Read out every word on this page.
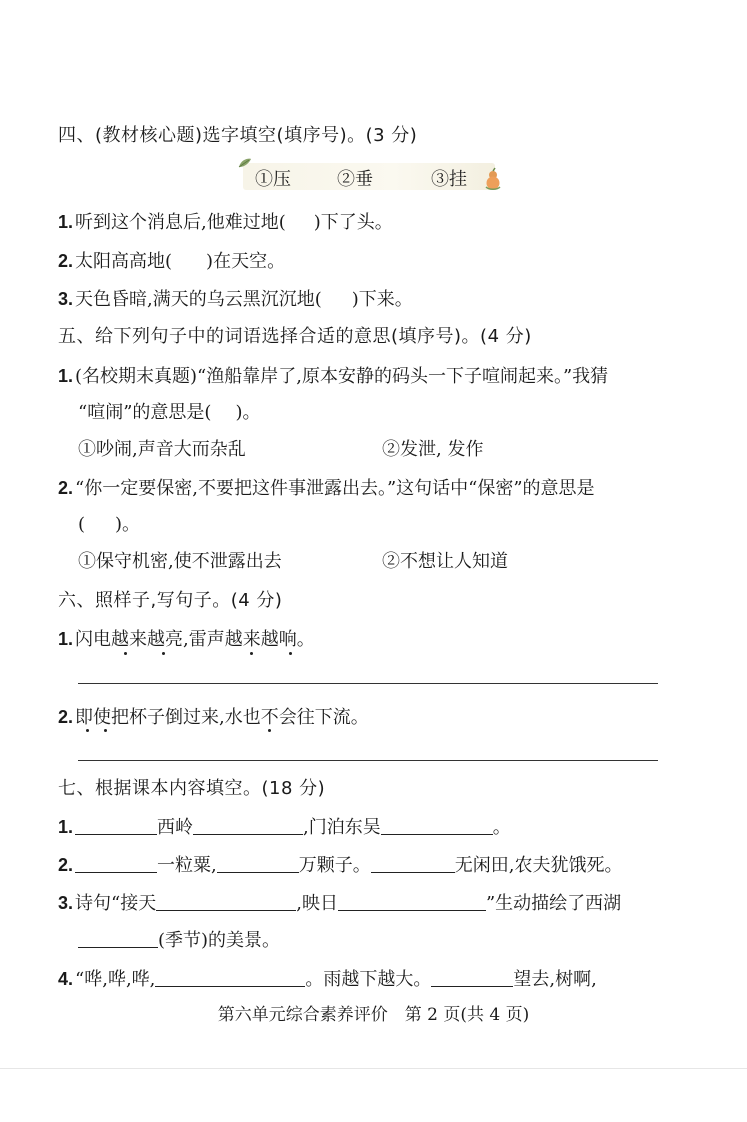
四、(教材核心题)选字填空(填序号)。(3 分)
①压	②垂	③挂
1. 听到这个消息后,他难过地( )下了头。
2. 太阳高高地( )在天空。
3. 天色昏暗,满天的乌云黑沉沉地( )下来。
五、给下列句子中的词语选择合适的意思(填序号)。(4 分)
1. (名校期末真题)“渔船靠岸了,原本安静的码头一下子喧闹起来。”我猜
“喧闹”的意思是( )。
①吵闹,声音大而杂乱	②发泄, 发作
2. “你一定要保密,不要把这件事泄露出去。”这句话中“保密”的意思是
( )。
①保守机密,使不泄露出去	②不想让人知道
六、照样子,写句子。(4 分)
1. 闪电越来越亮,雷声越来越响。
2. 即使把杯子倒过来,水也不会往下流。
七、根据课本内容填空。(18 分)
1.	西岭	,门泊东吴	。
2.	一粒粟,	万颗子。	无闲田,农夫犹饿死。
3. 诗句“接天	,映日	”生动描绘了西湖
(季节)的美景。
4. “哗,哗,哗,	。雨越下越大。	望去,树啊,
第六单元综合素养评价　第 2 页(共 4 页)
